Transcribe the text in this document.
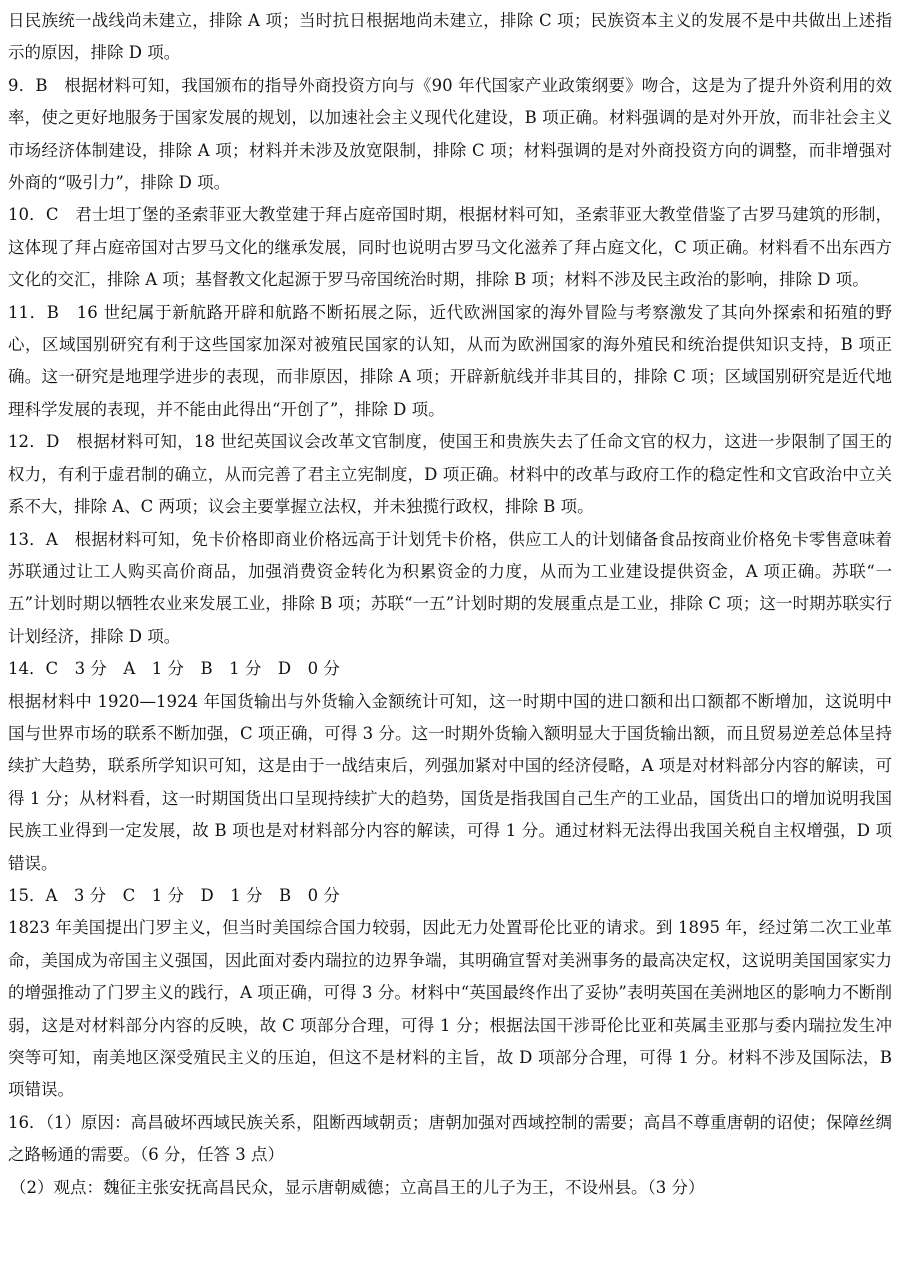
日民族统一战线尚未建立，排除 A 项；当时抗日根据地尚未建立，排除 C 项；民族资本主义的发展不是中共做出上述指示的原因，排除 D 项。

9．B　根据材料可知，我国颁布的指导外商投资方向与《90 年代国家产业政策纲要》吻合，这是为了提升外资利用的效率，使之更好地服务于国家发展的规划，以加速社会主义现代化建设，B 项正确。材料强调的是对外开放，而非社会主义市场经济体制建设，排除 A 项；材料并未涉及放宽限制，排除 C 项；材料强调的是对外商投资方向的调整，而非增强对外商的“吸引力”，排除 D 项。

10．C　君士坦丁堡的圣索菲亚大教堂建于拜占庭帝国时期，根据材料可知，圣索菲亚大教堂借鉴了古罗马建筑的形制，这体现了拜占庭帝国对古罗马文化的继承发展，同时也说明古罗马文化滋养了拜占庭文化，C 项正确。材料看不出东西方文化的交汇，排除 A 项；基督教文化起源于罗马帝国统治时期，排除 B 项；材料不涉及民主政治的影响，排除 D 项。

11．B　16 世纪属于新航路开辟和航路不断拓展之际，近代欧洲国家的海外冒险与考察激发了其向外探索和拓殖的野心，区域国别研究有利于这些国家加深对被殖民国家的认知，从而为欧洲国家的海外殖民和统治提供知识支持，B 项正确。这一研究是地理学进步的表现，而非原因，排除 A 项；开辟新航线并非其目的，排除 C 项；区域国别研究是近代地理科学发展的表现，并不能由此得出“开创了”，排除 D 项。

12．D　根据材料可知，18 世纪英国议会改革文官制度，使国王和贵族失去了任命文官的权力，这进一步限制了国王的权力，有利于虚君制的确立，从而完善了君主立宪制度，D 项正确。材料中的改革与政府工作的稳定性和文官政治中立关系不大，排除 A、C 两项；议会主要掌握立法权，并未独揽行政权，排除 B 项。

13．A　根据材料可知，免卡价格即商业价格远高于计划凭卡价格，供应工人的计划储备食品按商业价格免卡零售意味着苏联通过让工人购买高价商品，加强消费资金转化为积累资金的力度，从而为工业建设提供资金，A 项正确。苏联“一五”计划时期以牺牲农业来发展工业，排除 B 项；苏联“一五”计划时期的发展重点是工业，排除 C 项；这一时期苏联实行计划经济，排除 D 项。

14．C　3 分　A　1 分　B　1 分　D　0 分

根据材料中 1920—1924 年国货输出与外货输入金额统计可知，这一时期中国的进口额和出口额都不断增加，这说明中国与世界市场的联系不断加强，C 项正确，可得 3 分。这一时期外货输入额明显大于国货输出额，而且贸易逆差总体呈持续扩大趋势，联系所学知识可知，这是由于一战结束后，列强加紧对中国的经济侵略，A 项是对材料部分内容的解读，可得 1 分；从材料看，这一时期国货出口呈现持续扩大的趋势，国货是指我国自己生产的工业品，国货出口的增加说明我国民族工业得到一定发展，故 B 项也是对材料部分内容的解读，可得 1 分。通过材料无法得出我国关税自主权增强，D 项错误。

15．A　3 分　C　1 分　D　1 分　B　0 分

1823 年美国提出门罗主义，但当时美国综合国力较弱，因此无力处置哥伦比亚的请求。到 1895 年，经过第二次工业革命，美国成为帝国主义强国，因此面对委内瑞拉的边界争端，其明确宣誓对美洲事务的最高决定权，这说明美国国家实力的增强推动了门罗主义的践行，A 项正确，可得 3 分。材料中“英国最终作出了妥协”表明英国在美洲地区的影响力不断削弱，这是对材料部分内容的反映，故 C 项部分合理，可得 1 分；根据法国干涉哥伦比亚和英属圭亚那与委内瑞拉发生冲突等可知，南美地区深受殖民主义的压迫，但这不是材料的主旨，故 D 项部分合理，可得 1 分。材料不涉及国际法，B 项错误。

16．（1）原因：高昌破坏西域民族关系，阻断西域朝贡；唐朝加强对西域控制的需要；高昌不尊重唐朝的诏使；保障丝绸之路畅通的需要。（6 分，任答 3 点）

（2）观点：魏征主张安抚高昌民众，显示唐朝威德；立高昌王的儿子为王，不设州县。（3 分）
